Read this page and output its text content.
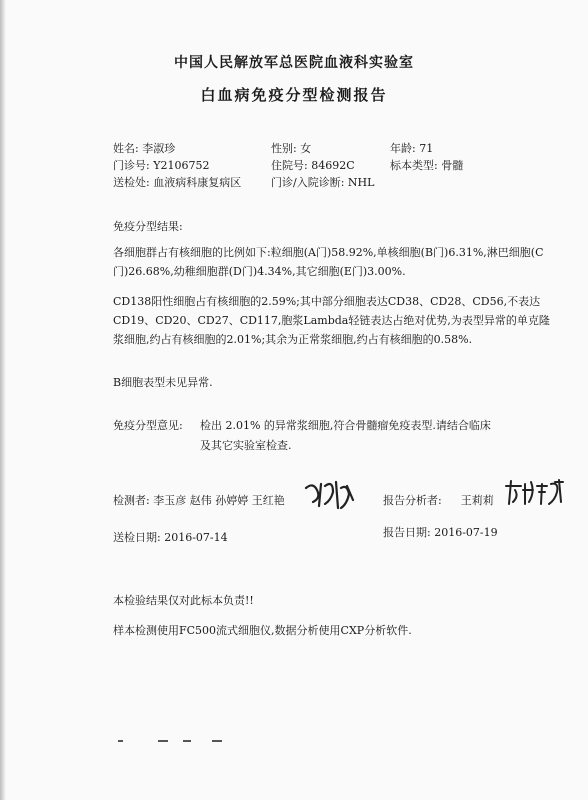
中国人民解放军总医院血液科实验室
白血病免疫分型检测报告
姓名: 李淑珍	性别: 女	年龄: 71
门诊号: Y2106752	住院号: 84692C	标本类型: 骨髓
送检处: 血液病科康复病区	门诊/入院诊断: NHL
免疫分型结果:
各细胞群占有核细胞的比例如下:粒细胞(A门)58.92%,单核细胞(B门)6.31%,淋巴细胞(C门)26.68%,幼稚细胞群(D门)4.34%,其它细胞(E门)3.00%.
CD138阳性细胞占有核细胞的2.59%;其中部分细胞表达CD38、CD28、CD56,不表达CD19、CD20、CD27、CD117,胞浆Lambda轻链表达占绝对优势,为表型异常的单克隆浆细胞,约占有核细胞的2.01%;其余为正常浆细胞,约占有核细胞的0.58%.
B细胞表型未见异常.
免疫分型意见: 检出 2.01% 的异常浆细胞,符合骨髓瘤免疫表型.请结合临床
及其它实验室检查.
检测者: 李玉彦 赵伟 孙婷婷 王红艳	报告分析者: 王莉莉
送检日期: 2016-07-14	报告日期: 2016-07-19
本检验结果仅对此标本负责!!
样本检测使用FC500流式细胞仪,数据分析使用CXP分析软件.
